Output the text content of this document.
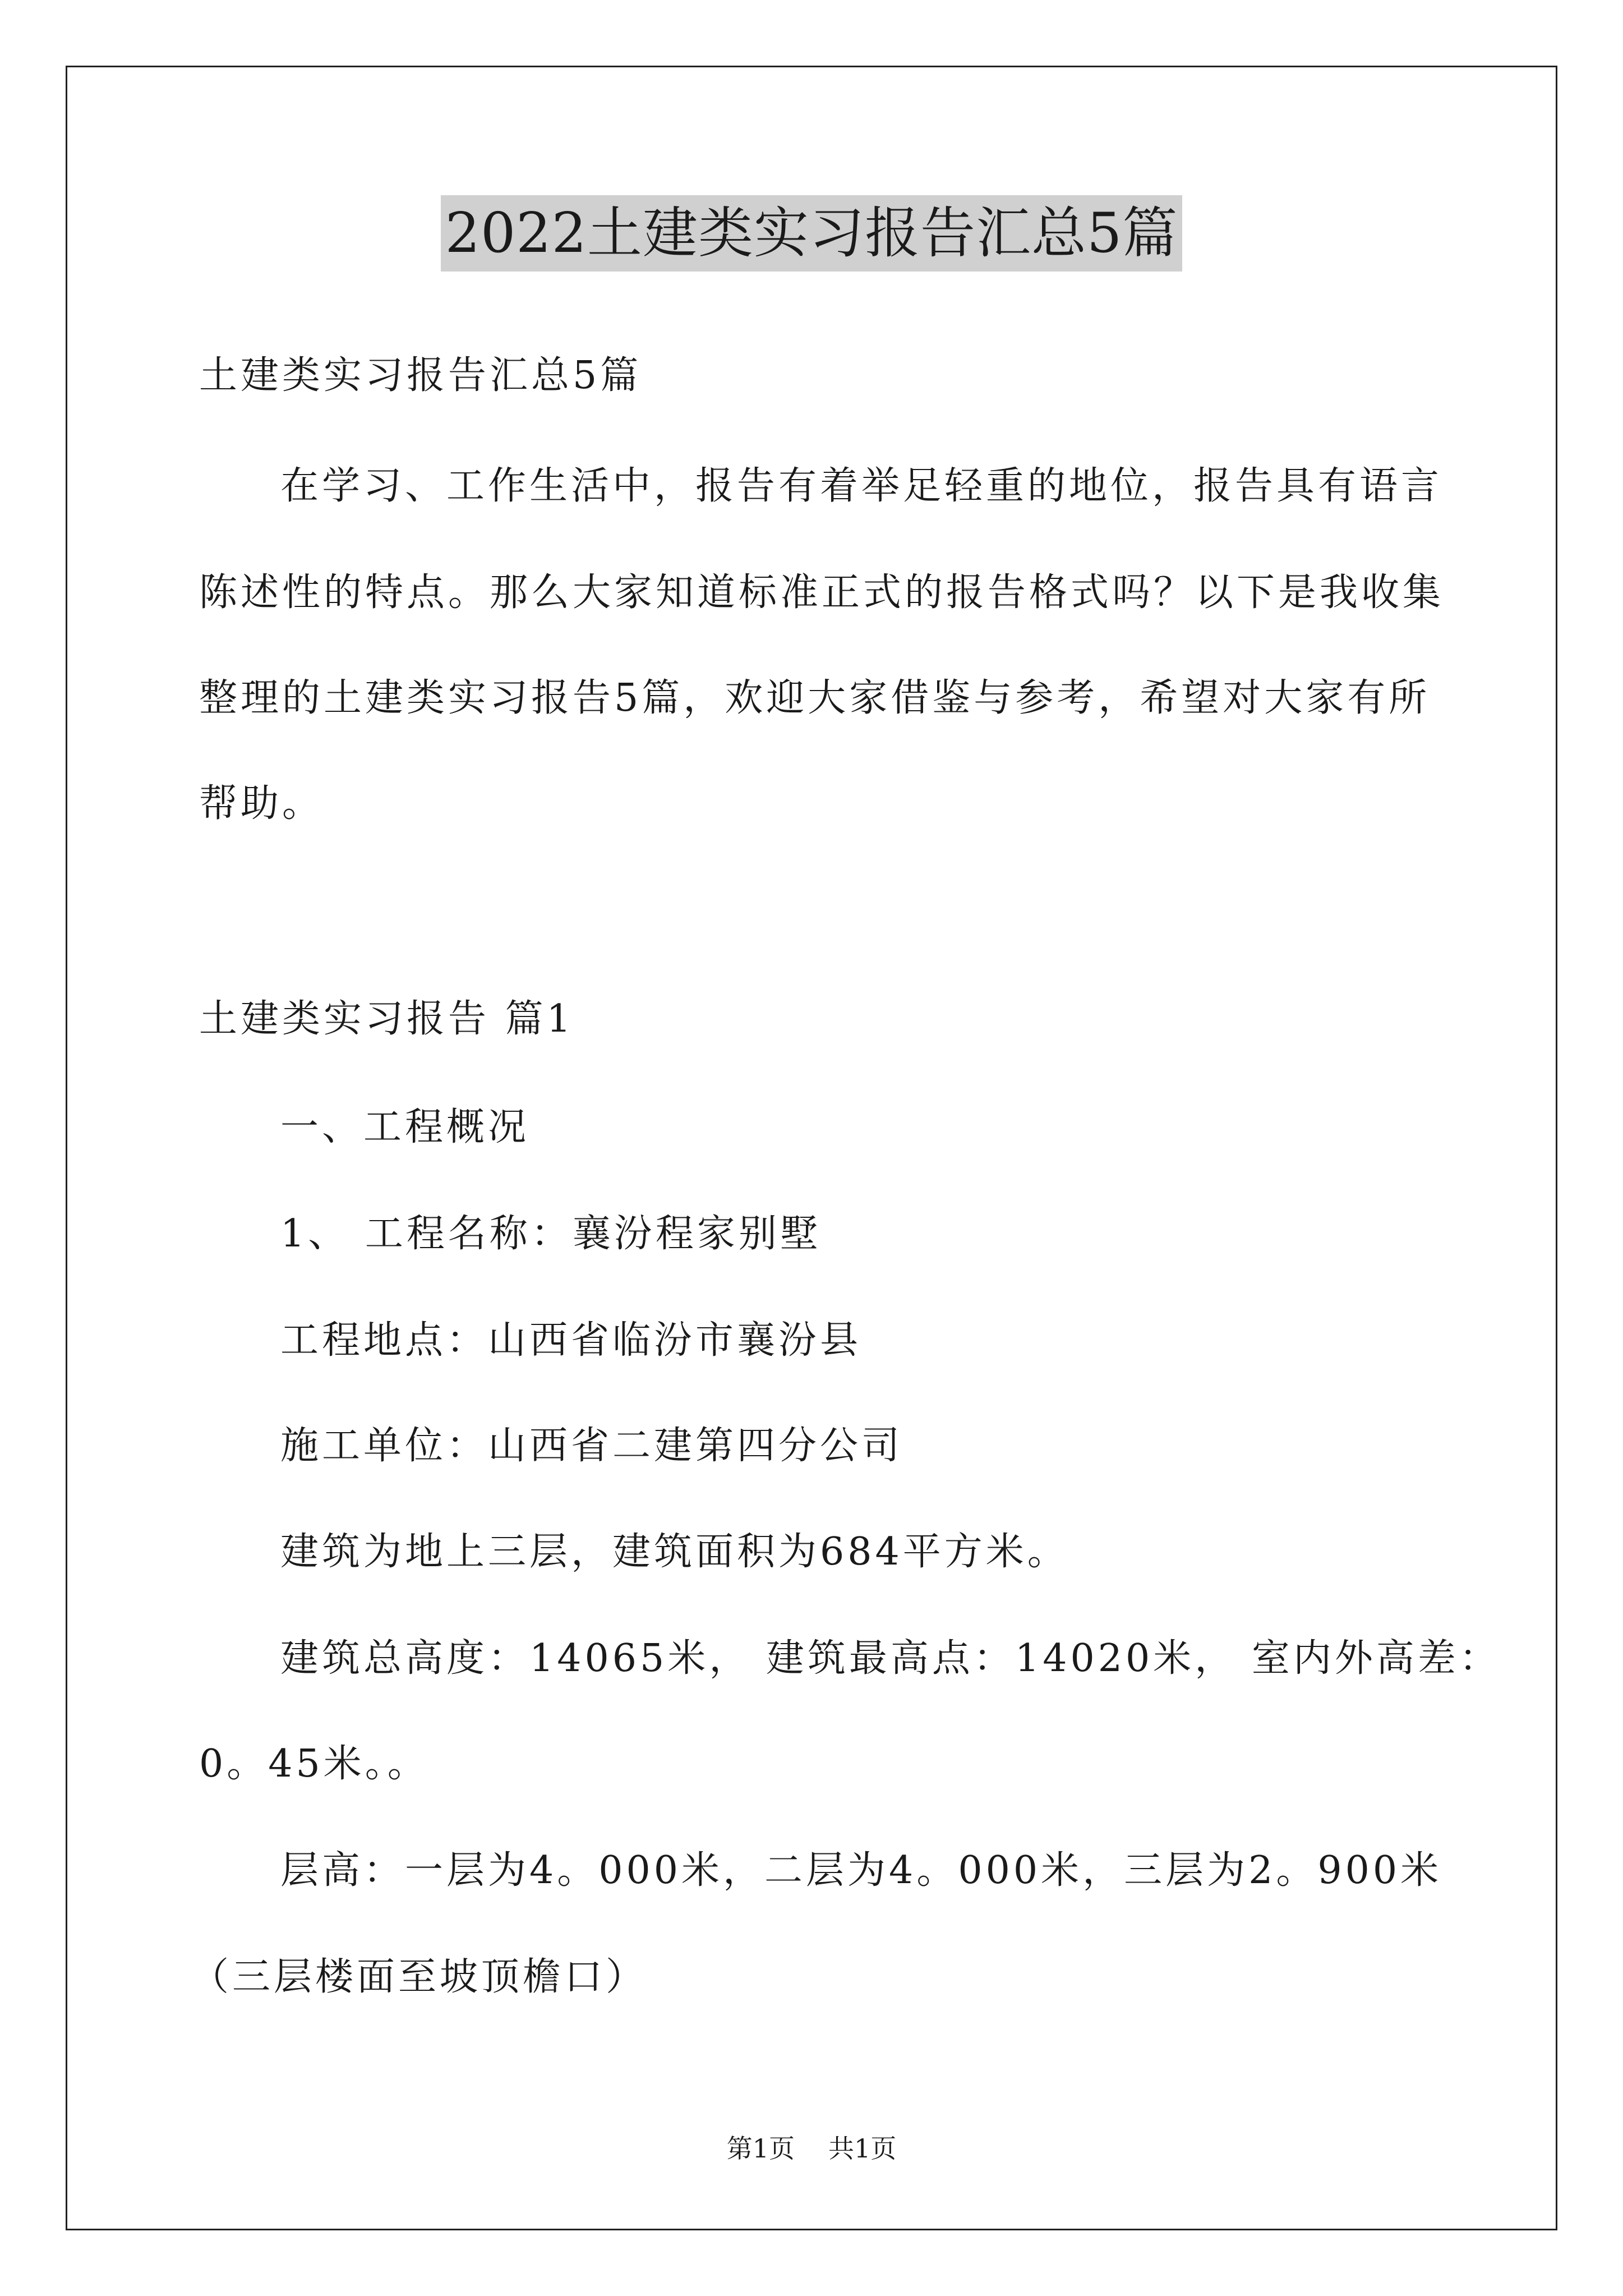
2022土建类实习报告汇总5篇
土建类实习报告汇总5篇
在学习、工作生活中，报告有着举足轻重的地位，报告具有语言
陈述性的特点。那么大家知道标准正式的报告格式吗？以下是我收集
整理的土建类实习报告5篇，欢迎大家借鉴与参考，希望对大家有所
帮助。
土建类实习报告 篇1
一、工程概况
1、 工程名称：襄汾程家别墅
工程地点：山西省临汾市襄汾县
施工单位：山西省二建第四分公司
建筑为地上三层，建筑面积为684平方米。
建筑总高度：14065米， 建筑最高点：14020米， 室内外高差：
0。45米。。
层高：一层为4。000米，二层为4。000米，三层为2。900米
（三层楼面至坡顶檐口）
第1页 共1页
